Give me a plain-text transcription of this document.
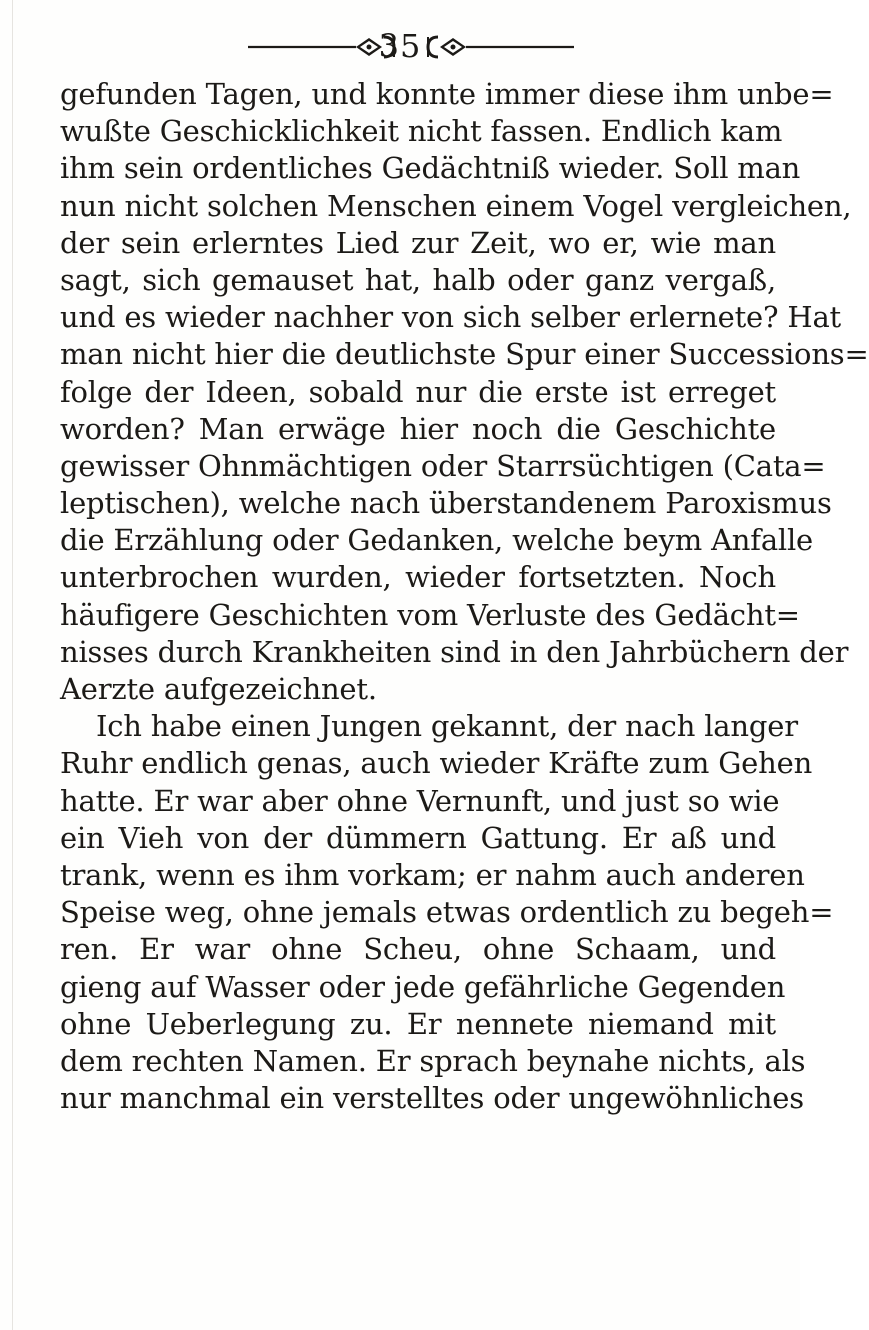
35
gefunden Tagen, und konnte immer diese ihm unbe=
wußte Geschicklichkeit nicht fassen. Endlich kam
ihm sein ordentliches Gedächtniß wieder. Soll man
nun nicht solchen Menschen einem Vogel vergleichen,
der sein erlerntes Lied zur Zeit, wo er, wie man
sagt, sich gemauset hat, halb oder ganz vergaß,
und es wieder nachher von sich selber erlernete? Hat
man nicht hier die deutlichste Spur einer Successions=
folge der Ideen, sobald nur die erste ist erreget
worden? Man erwäge hier noch die Geschichte
gewisser Ohnmächtigen oder Starrsüchtigen (Cata=
leptischen), welche nach überstandenem Paroxismus
die Erzählung oder Gedanken, welche beym Anfalle
unterbrochen wurden, wieder fortsetzten. Noch
häufigere Geschichten vom Verluste des Gedächt=
nisses durch Krankheiten sind in den Jahrbüchern der
Aerzte aufgezeichnet.
Ich habe einen Jungen gekannt, der nach langer
Ruhr endlich genas, auch wieder Kräfte zum Gehen
hatte. Er war aber ohne Vernunft, und just so wie
ein Vieh von der dümmern Gattung. Er aß und
trank, wenn es ihm vorkam; er nahm auch anderen
Speise weg, ohne jemals etwas ordentlich zu begeh=
ren. Er war ohne Scheu, ohne Schaam, und
gieng auf Wasser oder jede gefährliche Gegenden
ohne Ueberlegung zu. Er nennete niemand mit
dem rechten Namen. Er sprach beynahe nichts, als
nur manchmal ein verstelltes oder ungewöhnliches
